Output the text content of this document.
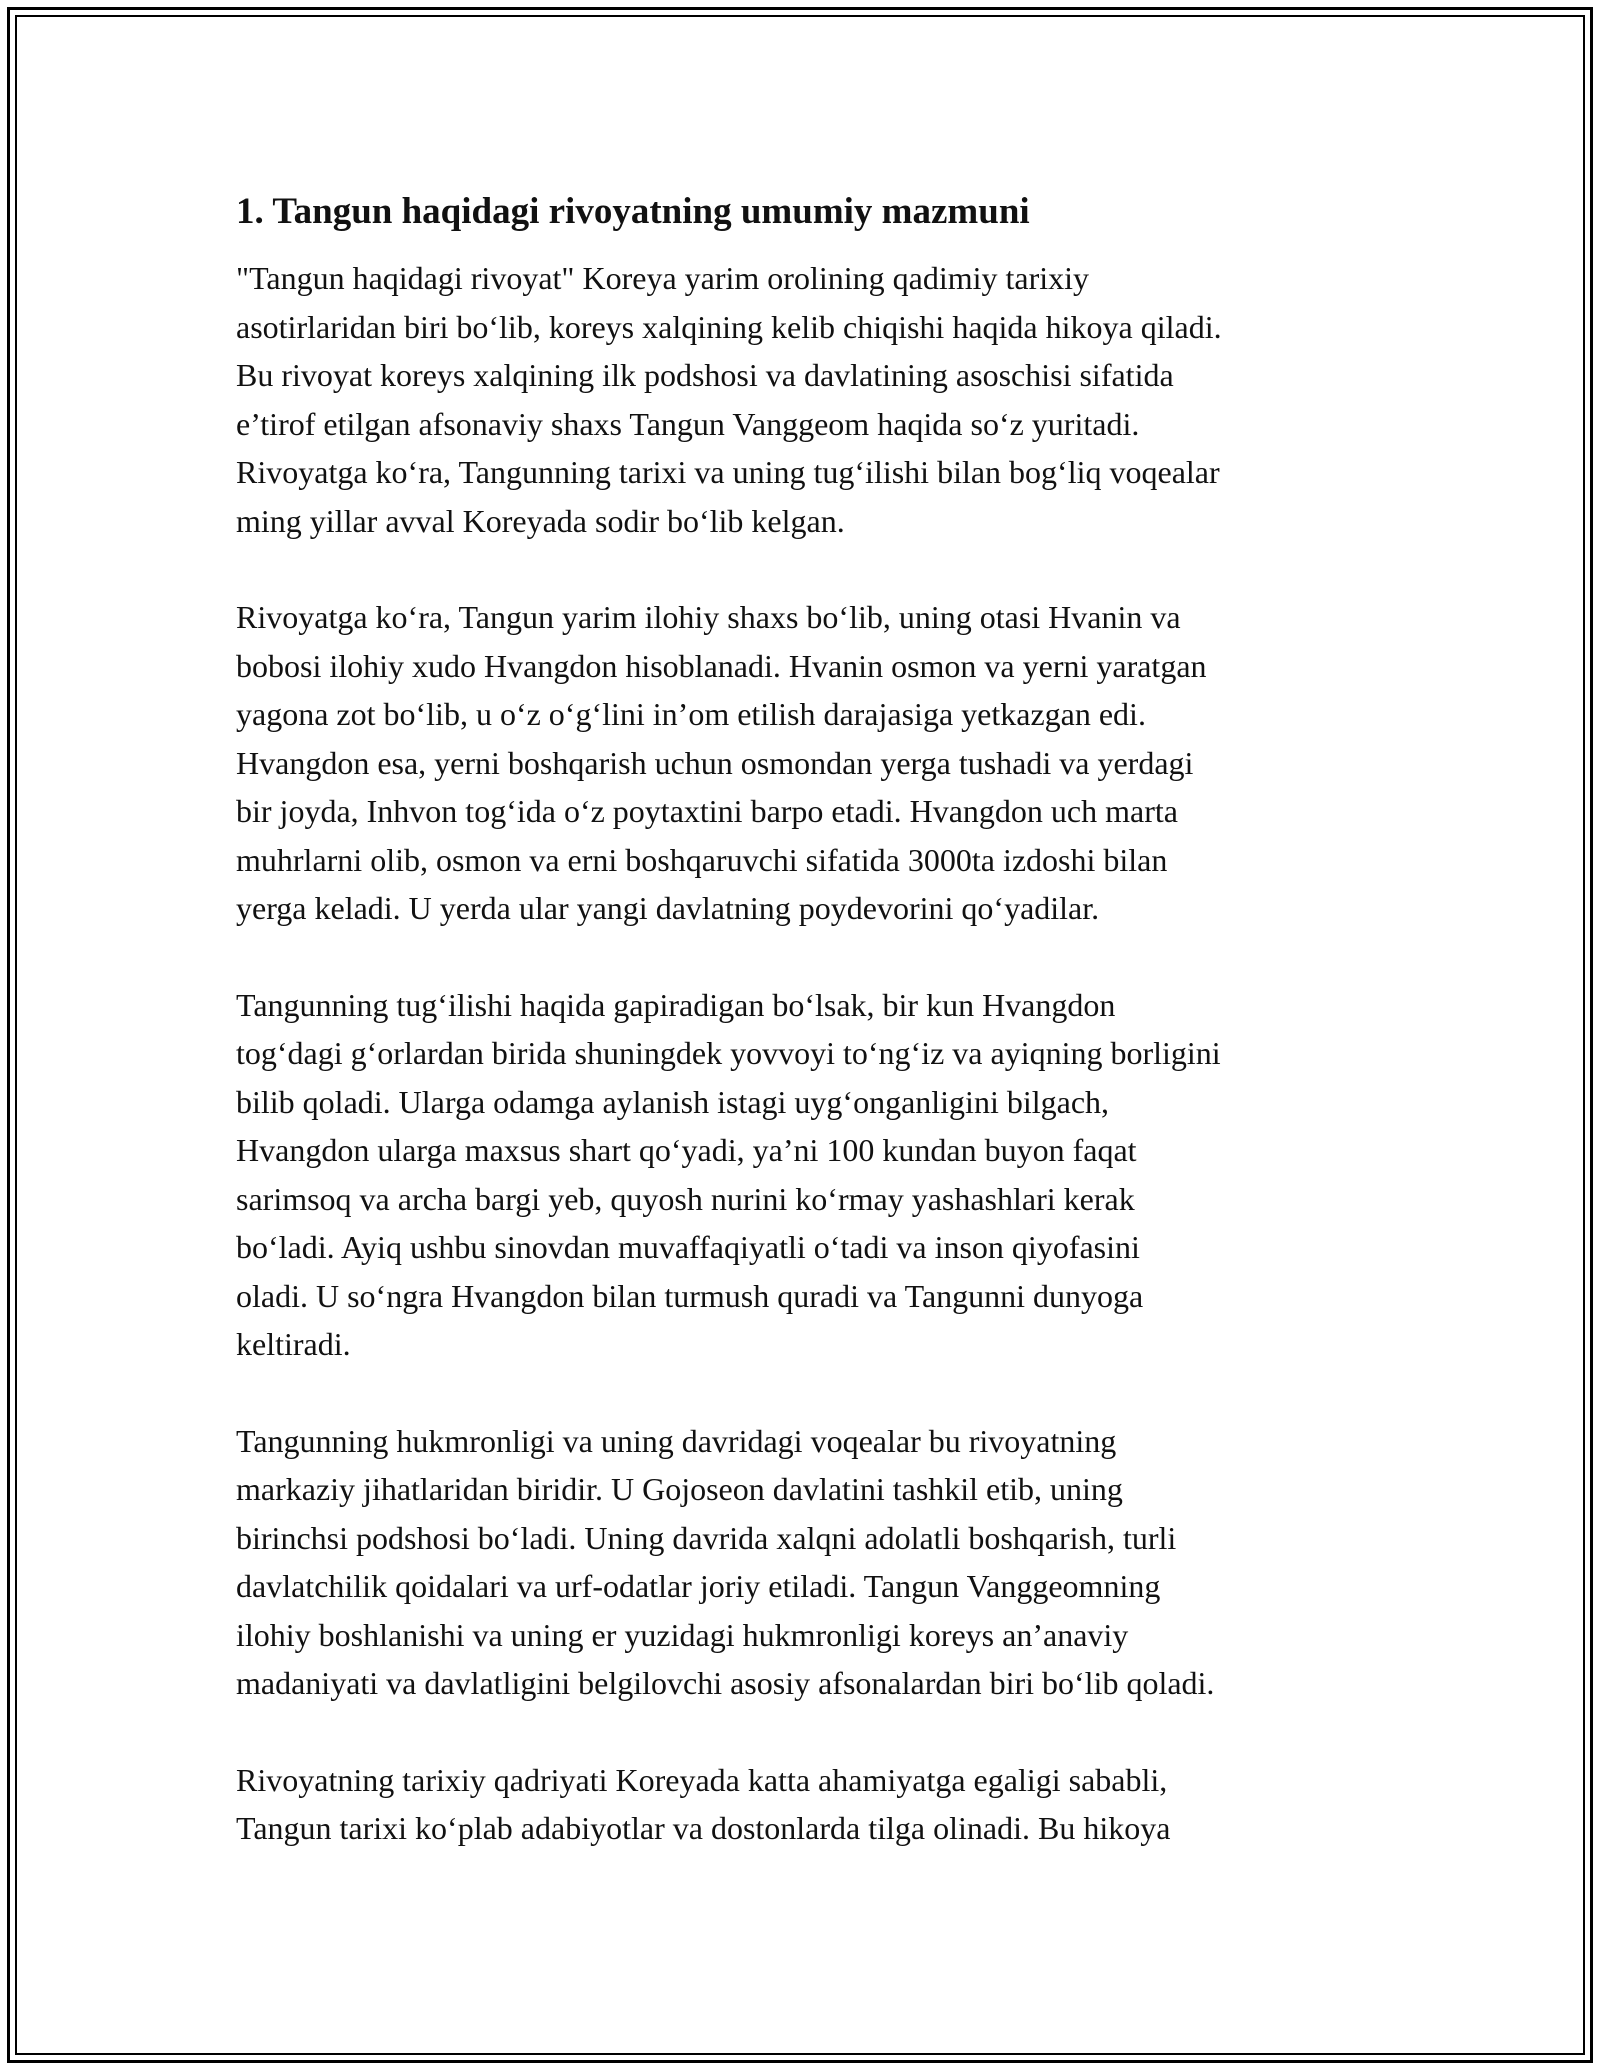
1. Tangun haqidagi rivoyatning umumiy mazmuni

"Tangun haqidagi rivoyat" Koreya yarim orolining qadimiy tarixiy
asotirlaridan biri bo‘lib, koreys xalqining kelib chiqishi haqida hikoya qiladi.
Bu rivoyat koreys xalqining ilk podshosi va davlatining asoschisi sifatida
e’tirof etilgan afsonaviy shaxs Tangun Vanggeom haqida so‘z yuritadi.
Rivoyatga ko‘ra, Tangunning tarixi va uning tug‘ilishi bilan bog‘liq voqealar
ming yillar avval Koreyada sodir bo‘lib kelgan.

Rivoyatga ko‘ra, Tangun yarim ilohiy shaxs bo‘lib, uning otasi Hvanin va
bobosi ilohiy xudo Hvangdon hisoblanadi. Hvanin osmon va yerni yaratgan
yagona zot bo‘lib, u o‘z o‘g‘lini in’om etilish darajasiga yetkazgan edi.
Hvangdon esa, yerni boshqarish uchun osmondan yerga tushadi va yerdagi
bir joyda, Inhvon tog‘ida o‘z poytaxtini barpo etadi. Hvangdon uch marta
muhrlarni olib, osmon va erni boshqaruvchi sifatida 3000ta izdoshi bilan
yerga keladi. U yerda ular yangi davlatning poydevorini qo‘yadilar.

Tangunning tug‘ilishi haqida gapiradigan bo‘lsak, bir kun Hvangdon
tog‘dagi g‘orlardan birida shuningdek yovvoyi to‘ng‘iz va ayiqning borligini
bilib qoladi. Ularga odamga aylanish istagi uyg‘onganligini bilgach,
Hvangdon ularga maxsus shart qo‘yadi, ya’ni 100 kundan buyon faqat
sarimsoq va archa bargi yeb, quyosh nurini ko‘rmay yashashlari kerak
bo‘ladi. Ayiq ushbu sinovdan muvaffaqiyatli o‘tadi va inson qiyofasini
oladi. U so‘ngra Hvangdon bilan turmush quradi va Tangunni dunyoga
keltiradi.

Tangunning hukmronligi va uning davridagi voqealar bu rivoyatning
markaziy jihatlaridan biridir. U Gojoseon davlatini tashkil etib, uning
birinchsi podshosi bo‘ladi. Uning davrida xalqni adolatli boshqarish, turli
davlatchilik qoidalari va urf-odatlar joriy etiladi. Tangun Vanggeomning
ilohiy boshlanishi va uning er yuzidagi hukmronligi koreys an’anaviy
madaniyati va davlatligini belgilovchi asosiy afsonalardan biri bo‘lib qoladi.

Rivoyatning tarixiy qadriyati Koreyada katta ahamiyatga egaligi sababli,
Tangun tarixi ko‘plab adabiyotlar va dostonlarda tilga olinadi. Bu hikoya
